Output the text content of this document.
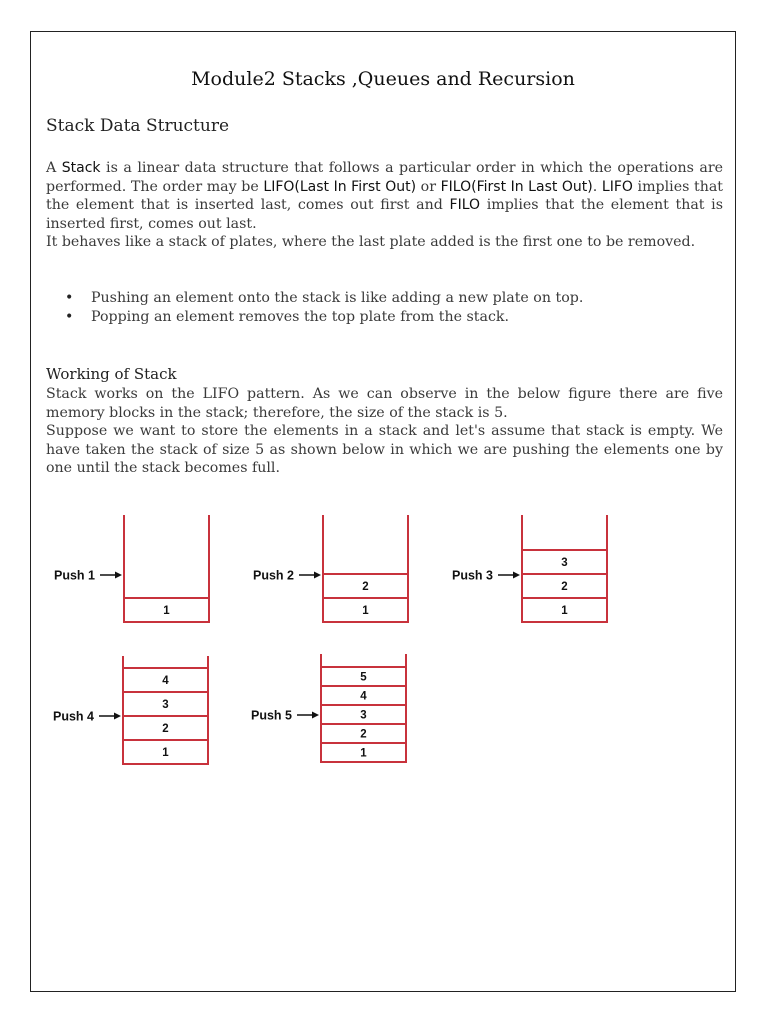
Module2 Stacks ,Queues and Recursion
Stack Data Structure

A Stack is a linear data structure that follows a particular order in which the operations are performed. The order may be LIFO(Last In First Out) or FILO(First In Last Out). LIFO implies that the element that is inserted last, comes out first and FILO implies that the element that is inserted first, comes out last.
It behaves like a stack of plates, where the last plate added is the first one to be removed.

• Pushing an element onto the stack is like adding a new plate on top.
• Popping an element removes the top plate from the stack.
Working of Stack

Stack works on the LIFO pattern. As we can observe in the below figure there are five memory blocks in the stack; therefore, the size of the stack is 5.
Suppose we want to store the elements in a stack and let's assume that stack is empty. We have taken the stack of size 5 as shown below in which we are pushing the elements one by one until the stack becomes full.

1
Push 1
1
2
Push 2
1
2
3
Push 3
1
2
3
4
Push 4
1
2
3
4
5
Push 5
